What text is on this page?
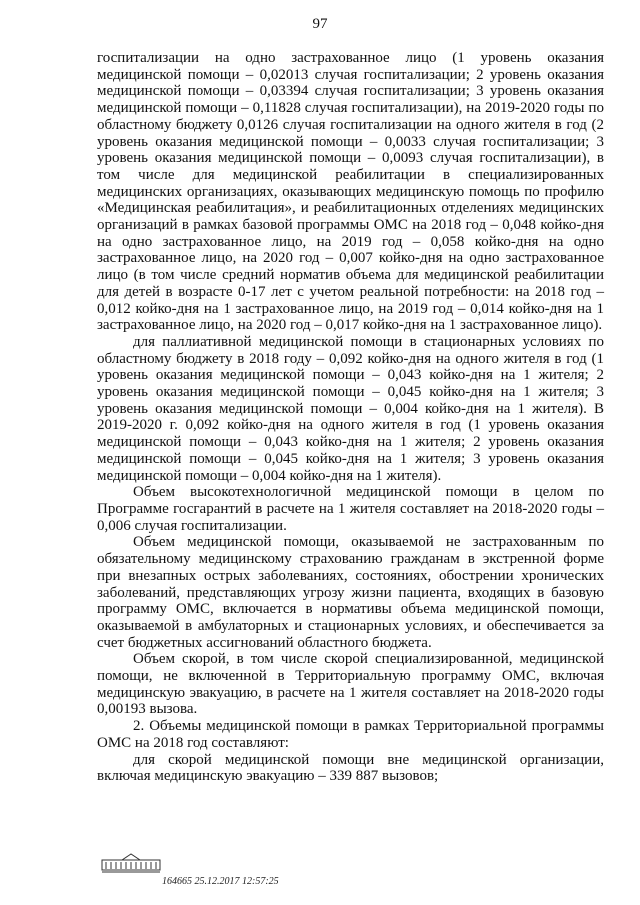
97

госпитализации на одно застрахованное лицо (1 уровень оказания медицинской помощи – 0,02013 случая госпитализации; 2 уровень оказания медицинской помощи – 0,03394 случая госпитализации; 3 уровень оказания медицинской помощи – 0,11828 случая госпитализации), на 2019-2020 годы по областному бюджету 0,0126 случая госпитализации на одного жителя в год (2 уровень оказания медицинской помощи – 0,0033 случая госпитализации; 3 уровень оказания медицинской помощи – 0,0093 случая госпитализации), в том числе для медицинской реабилитации в специализированных медицинских организациях, оказывающих медицинскую помощь по профилю «Медицинская реабилитация», и реабилитационных отделениях медицинских организаций в рамках базовой программы ОМС на 2018 год – 0,048 койко-дня на одно застрахованное лицо, на 2019 год – 0,058 койко-дня на одно застрахованное лицо, на 2020 год – 0,007 койко-дня на одно застрахованное лицо (в том числе средний норматив объема для медицинской реабилитации для детей в возрасте 0-17 лет с учетом реальной потребности: на 2018 год – 0,012 койко-дня на 1 застрахованное лицо, на 2019 год – 0,014 койко-дня на 1 застрахованное лицо, на 2020 год – 0,017 койко-дня на 1 застрахованное лицо).

для паллиативной медицинской помощи в стационарных условиях по областному бюджету в 2018 году – 0,092 койко-дня на одного жителя в год (1 уровень оказания медицинской помощи – 0,043 койко-дня на 1 жителя; 2 уровень оказания медицинской помощи – 0,045 койко-дня на 1 жителя; 3 уровень оказания медицинской помощи – 0,004 койко-дня на 1 жителя). В 2019-2020 г. 0,092 койко-дня на одного жителя в год (1 уровень оказания медицинской помощи – 0,043 койко-дня на 1 жителя; 2 уровень оказания медицинской помощи – 0,045 койко-дня на 1 жителя; 3 уровень оказания медицинской помощи – 0,004 койко-дня на 1 жителя).

Объем высокотехнологичной медицинской помощи в целом по Программе госгарантий в расчете на 1 жителя составляет на 2018-2020 годы – 0,006 случая госпитализации.

Объем медицинской помощи, оказываемой не застрахованным по обязательному медицинскому страхованию гражданам в экстренной форме при внезапных острых заболеваниях, состояниях, обострении хронических заболеваний, представляющих угрозу жизни пациента, входящих в базовую программу ОМС, включается в нормативы объема медицинской помощи, оказываемой в амбулаторных и стационарных условиях, и обеспечивается за счет бюджетных ассигнований областного бюджета.

Объем скорой, в том числе скорой специализированной, медицинской помощи, не включенной в Территориальную программу ОМС, включая медицинскую эвакуацию, в расчете на 1 жителя составляет на 2018-2020 годы 0,00193 вызова.

2. Объемы медицинской помощи в рамках Территориальной программы ОМС на 2018 год составляют:

для скорой медицинской помощи вне медицинской организации, включая медицинскую эвакуацию – 339 887 вызовов;

164665 25.12.2017 12:57:25
